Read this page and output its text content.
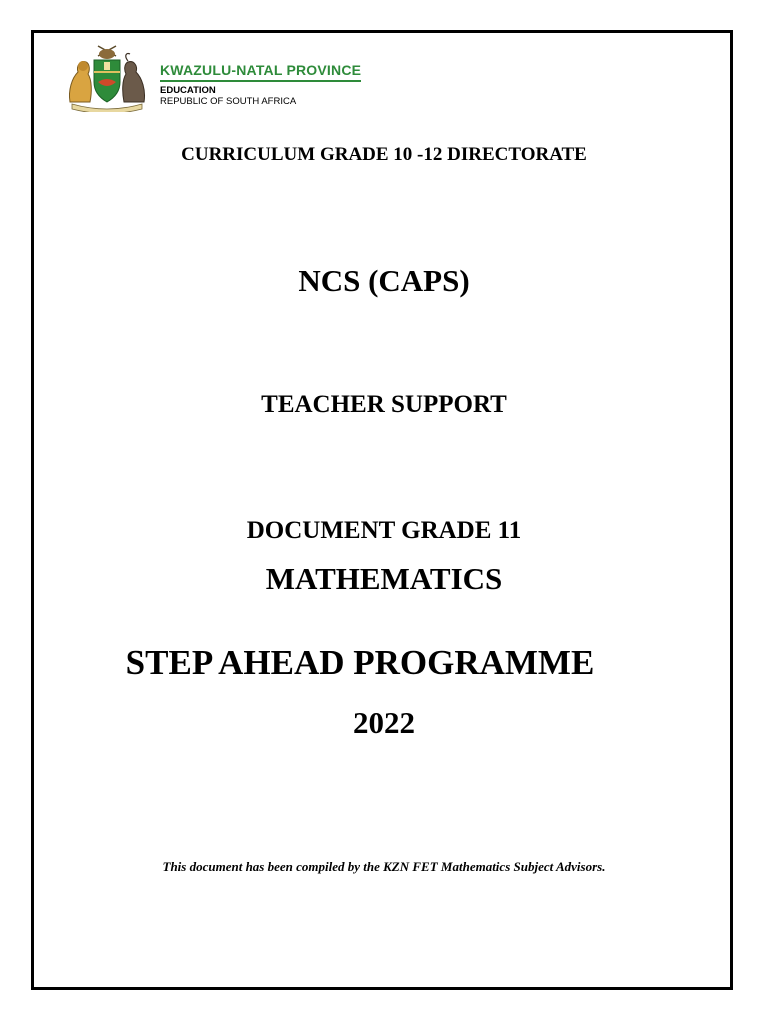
KWAZULU-NATAL PROVINCE
EDUCATION
REPUBLIC OF SOUTH AFRICA
CURRICULUM GRADE 10 -12 DIRECTORATE
NCS (CAPS)
TEACHER SUPPORT
DOCUMENT GRADE 11
MATHEMATICS
STEP AHEAD PROGRAMME
2022
This document has been compiled by the KZN FET Mathematics Subject Advisors.
